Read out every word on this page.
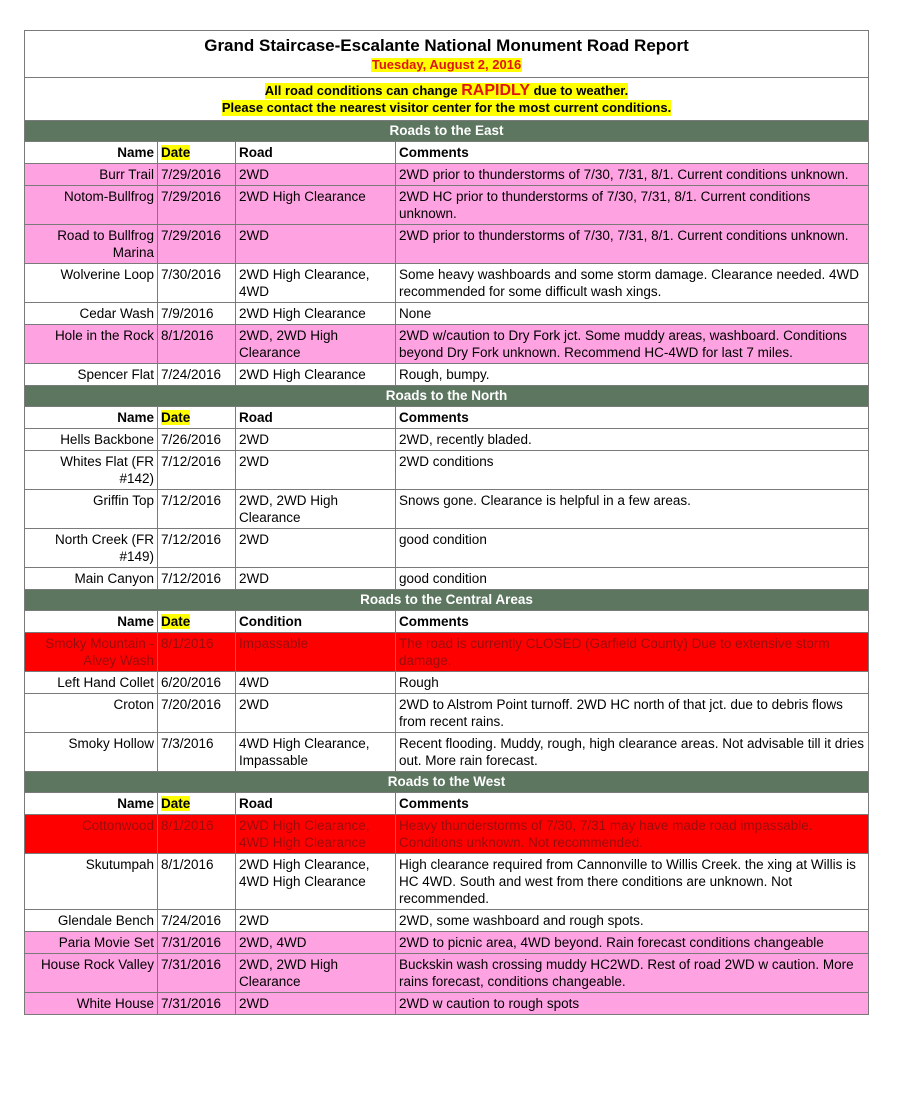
Grand Staircase-Escalante National Monument Road Report
Tuesday, August 2, 2016			
All road conditions can change RAPIDLY due to weather.
Please contact the nearest visitor center for the most current conditions.			
Roads to the East			
Name	Date	Road	Comments
Burr Trail	7/29/2016	2WD	2WD prior to thunderstorms of 7/30, 7/31, 8/1. Current conditions unknown.
Notom-Bullfrog	7/29/2016	2WD High Clearance	2WD HC prior to thunderstorms of 7/30, 7/31, 8/1. Current conditions unknown.
Road to Bullfrog Marina	7/29/2016	2WD	2WD prior to thunderstorms of 7/30, 7/31, 8/1. Current conditions unknown.
Wolverine Loop	7/30/2016	2WD High Clearance, 4WD	Some heavy washboards and some storm damage. Clearance needed. 4WD recommended for some difficult wash xings.
Cedar Wash	7/9/2016	2WD High Clearance	None
Hole in the Rock	8/1/2016	2WD, 2WD High Clearance	2WD w/caution to Dry Fork jct. Some muddy areas, washboard. Conditions beyond Dry Fork unknown. Recommend HC-4WD for last 7 miles.
Spencer Flat	7/24/2016	2WD High Clearance	Rough, bumpy.
Roads to the North			
Name	Date	Road	Comments
Hells Backbone	7/26/2016	2WD	2WD, recently bladed.
Whites Flat (FR #142)	7/12/2016	2WD	2WD conditions
Griffin Top	7/12/2016	2WD, 2WD High Clearance	Snows gone. Clearance is helpful in a few areas.
North Creek (FR #149)	7/12/2016	2WD	good condition
Main Canyon	7/12/2016	2WD	good condition
Roads to the Central Areas			
Name	Date	Condition	Comments
Smoky Mountain - Alvey Wash	8/1/2016	Impassable	The road is currently CLOSED (Garfield County) Due to extensive storm damage.
Left Hand Collet	6/20/2016	4WD	Rough
Croton	7/20/2016	2WD	2WD to Alstrom Point turnoff. 2WD HC north of that jct. due to debris flows from recent rains.
Smoky Hollow	7/3/2016	4WD High Clearance, Impassable	Recent flooding. Muddy, rough, high clearance areas. Not advisable till it dries out. More rain forecast.
Roads to the West			
Name	Date	Road	Comments
Cottonwood	8/1/2016	2WD High Clearance, 4WD High Clearance	Heavy thunderstorms of 7/30, 7/31 may have made road impassable. Conditions unknown. Not recommended.
Skutumpah	8/1/2016	2WD High Clearance, 4WD High Clearance	High clearance required from Cannonville to Willis Creek. the xing at Willis is HC 4WD. South and west from there conditions are unknown. Not recommended.
Glendale Bench	7/24/2016	2WD	2WD, some washboard and rough spots.
Paria Movie Set	7/31/2016	2WD, 4WD	2WD to picnic area, 4WD beyond. Rain forecast conditions changeable
House Rock Valley	7/31/2016	2WD, 2WD High Clearance	Buckskin wash crossing muddy HC2WD. Rest of road 2WD w caution. More rains forecast, conditions changeable.
White House	7/31/2016	2WD	2WD w caution to rough spots
